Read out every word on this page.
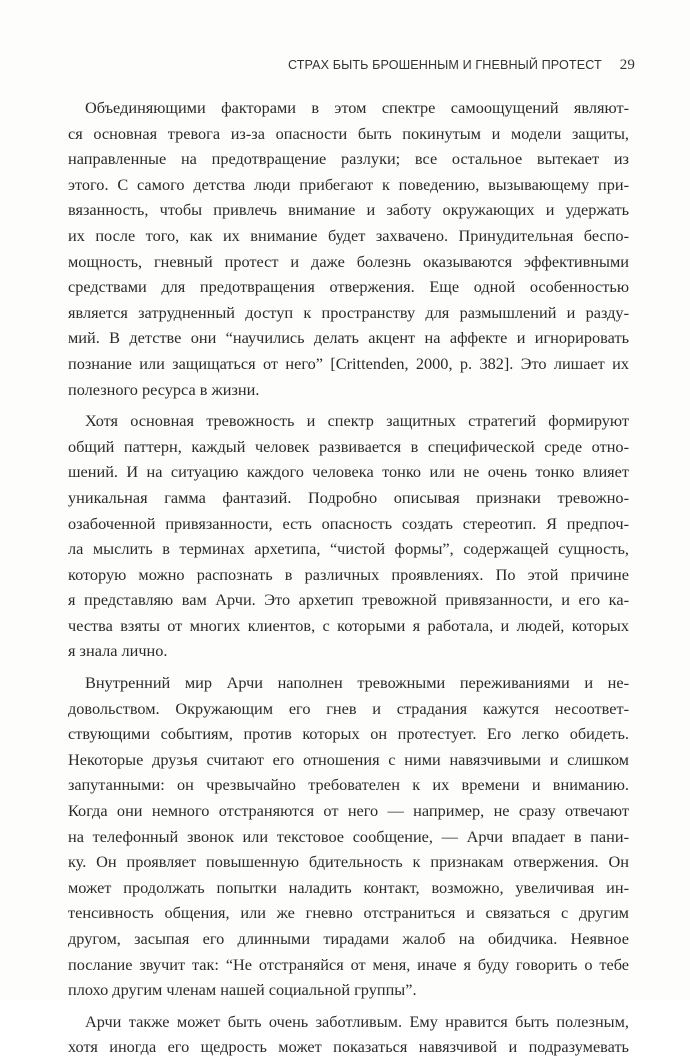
СТРАХ БЫТЬ БРОШЕННЫМ И ГНЕВНЫЙ ПРОТЕСТ 29
Объединяющими факторами в этом спектре самоощущений являют-
ся основная тревога из-за опасности быть покинутым и модели защиты,
направленные на предотвращение разлуки; все остальное вытекает из
этого. С самого детства люди прибегают к поведению, вызывающему при-
вязанность, чтобы привлечь внимание и заботу окружающих и удержать
их после того, как их внимание будет захвачено. Принудительная беспо-
мощность, гневный протест и даже болезнь оказываются эффективными
средствами для предотвращения отвержения. Еще одной особенностью
является затрудненный доступ к пространству для размышлений и разду-
мий. В детстве они “научились делать акцент на аффекте и игнорировать
познание или защищаться от него” [Crittenden, 2000, p. 382]. Это лишает их
полезного ресурса в жизни.
Хотя основная тревожность и спектр защитных стратегий формируют
общий паттерн, каждый человек развивается в специфической среде отно-
шений. И на ситуацию каждого человека тонко или не очень тонко влияет
уникальная гамма фантазий. Подробно описывая признаки тревожно-
озабоченной привязанности, есть опасность создать стереотип. Я предпоч-
ла мыслить в терминах архетипа, “чистой формы”, содержащей сущность,
которую можно распознать в различных проявлениях. По этой причине
я представляю вам Арчи. Это архетип тревожной привязанности, и его ка-
чества взяты от многих клиентов, с которыми я работала, и людей, которых
я знала лично.
Внутренний мир Арчи наполнен тревожными переживаниями и не-
довольством. Окружающим его гнев и страдания кажутся несоответ-
ствующими событиям, против которых он протестует. Его легко обидеть.
Некоторые друзья считают его отношения с ними навязчивыми и слишком
запутанными: он чрезвычайно требователен к их времени и вниманию.
Когда они немного отстраняются от него — например, не сразу отвечают
на телефонный звонок или текстовое сообщение, — Арчи впадает в пани-
ку. Он проявляет повышенную бдительность к признакам отвержения. Он
может продолжать попытки наладить контакт, возможно, увеличивая ин-
тенсивность общения, или же гневно отстраниться и связаться с другим
другом, засыпая его длинными тирадами жалоб на обидчика. Неявное
послание звучит так: “Не отстраняйся от меня, иначе я буду говорить о тебе
плохо другим членам нашей социальной группы”.
Арчи также может быть очень заботливым. Ему нравится быть полезным,
хотя иногда его щедрость может показаться навязчивой и подразумевать
